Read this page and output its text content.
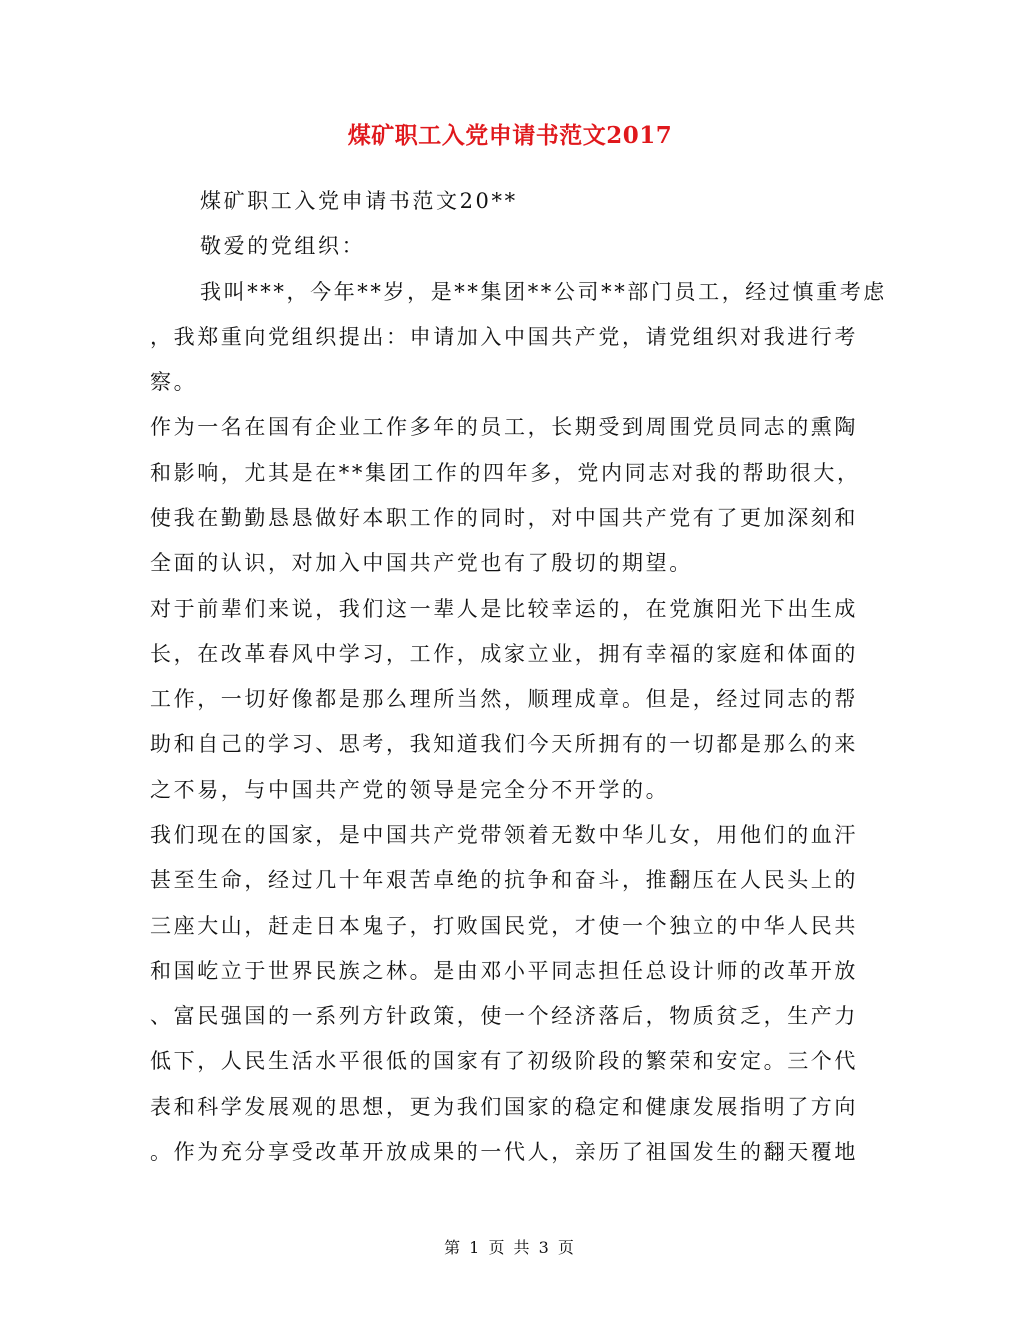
煤矿职工入党申请书范文2017
煤矿职工入党申请书范文20**
敬爱的党组织：
我叫***，今年**岁，是**集团**公司**部门员工，经过慎重考虑
，我郑重向党组织提出：申请加入中国共产党，请党组织对我进行考
察。
作为一名在国有企业工作多年的员工，长期受到周围党员同志的熏陶
和影响，尤其是在**集团工作的四年多，党内同志对我的帮助很大，
使我在勤勤恳恳做好本职工作的同时，对中国共产党有了更加深刻和
全面的认识，对加入中国共产党也有了殷切的期望。
对于前辈们来说，我们这一辈人是比较幸运的，在党旗阳光下出生成
长，在改革春风中学习，工作，成家立业，拥有幸福的家庭和体面的
工作，一切好像都是那么理所当然，顺理成章。但是，经过同志的帮
助和自己的学习、思考，我知道我们今天所拥有的一切都是那么的来
之不易，与中国共产党的领导是完全分不开学的。
我们现在的国家，是中国共产党带领着无数中华儿女，用他们的血汗
甚至生命，经过几十年艰苦卓绝的抗争和奋斗，推翻压在人民头上的
三座大山，赶走日本鬼子，打败国民党，才使一个独立的中华人民共
和国屹立于世界民族之林。是由邓小平同志担任总设计师的改革开放
、富民强国的一系列方针政策，使一个经济落后，物质贫乏，生产力
低下，人民生活水平很低的国家有了初级阶段的繁荣和安定。三个代
表和科学发展观的思想，更为我们国家的稳定和健康发展指明了方向
。作为充分享受改革开放成果的一代人，亲历了祖国发生的翻天覆地
第 1 页 共 3 页
